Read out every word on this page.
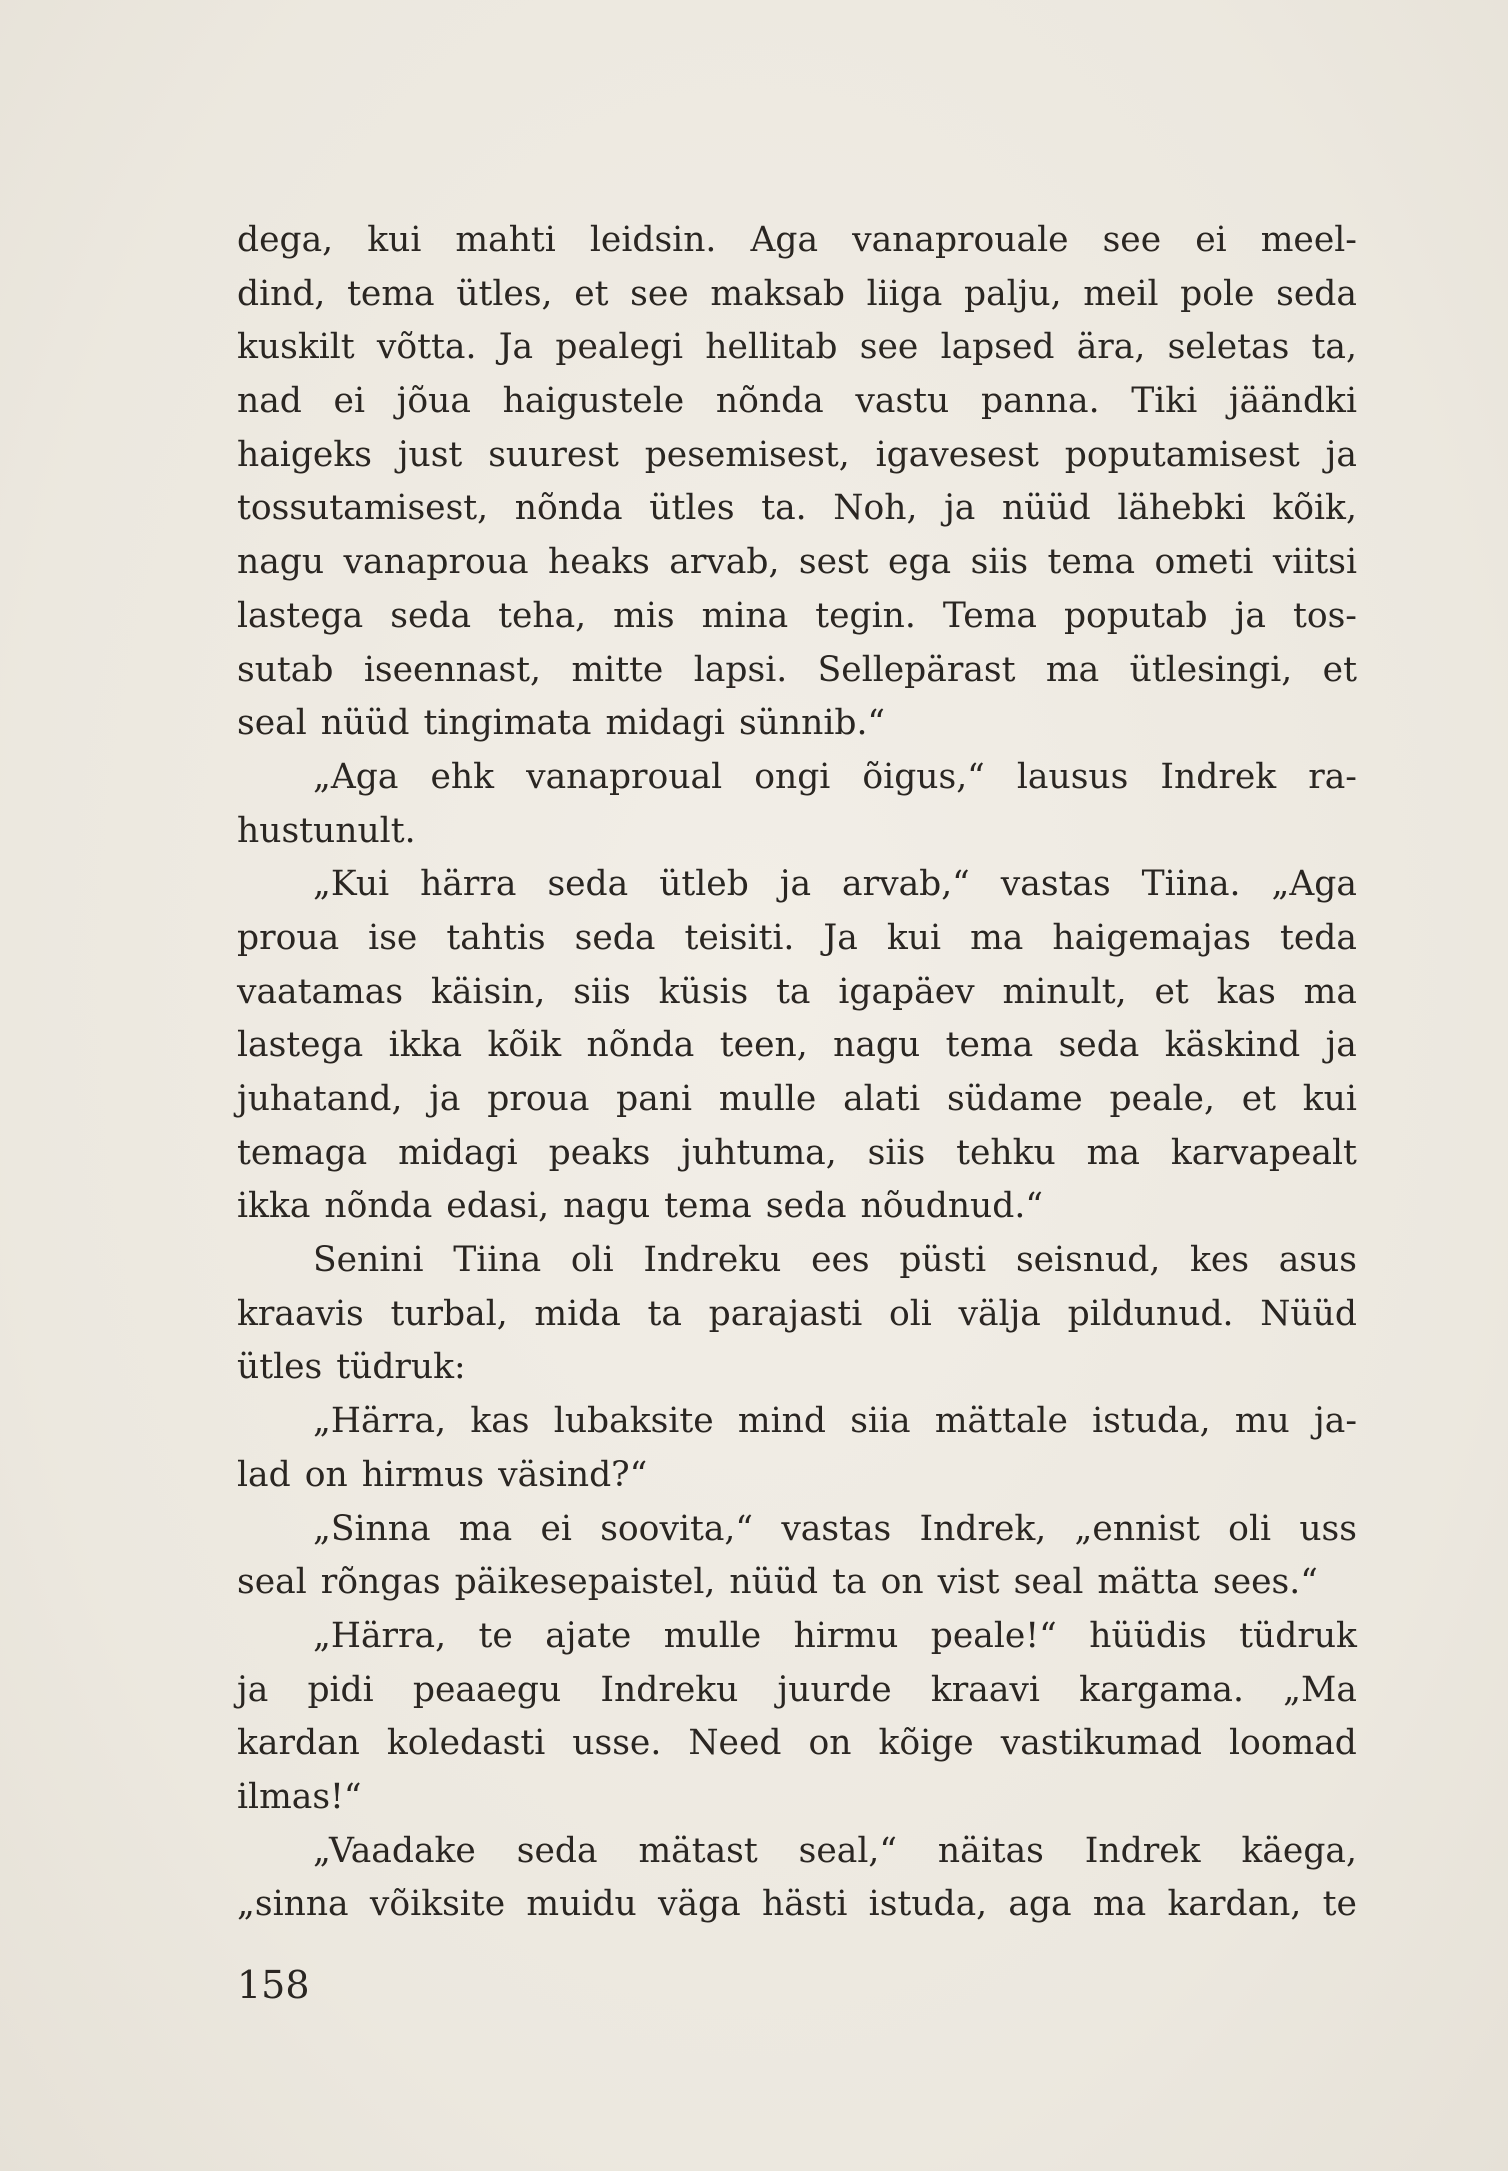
dega, kui mahti leidsin. Aga vanaprouale see ei meel-
dind, tema ütles, et see maksab liiga palju, meil pole seda
kuskilt võtta. Ja pealegi hellitab see lapsed ära, seletas ta,
nad ei jõua haigustele nõnda vastu panna. Tiki jäändki
haigeks just suurest pesemisest, igavesest poputamisest ja
tossutamisest, nõnda ütles ta. Noh, ja nüüd lähebki kõik,
nagu vanaproua heaks arvab, sest ega siis tema ometi viitsi
lastega seda teha, mis mina tegin. Tema poputab ja tos-
sutab iseennast, mitte lapsi. Sellepärast ma ütlesingi, et
seal nüüd tingimata midagi sünnib.“
„Aga ehk vanaproual ongi õigus,“ lausus Indrek ra-
hustunult.
„Kui härra seda ütleb ja arvab,“ vastas Tiina. „Aga
proua ise tahtis seda teisiti. Ja kui ma haigemajas teda
vaatamas käisin, siis küsis ta igapäev minult, et kas ma
lastega ikka kõik nõnda teen, nagu tema seda käskind ja
juhatand, ja proua pani mulle alati südame peale, et kui
temaga midagi peaks juhtuma, siis tehku ma karvapealt
ikka nõnda edasi, nagu tema seda nõudnud.“
Senini Tiina oli Indreku ees püsti seisnud, kes asus
kraavis turbal, mida ta parajasti oli välja pildunud. Nüüd
ütles tüdruk:
„Härra, kas lubaksite mind siia mättale istuda, mu ja-
lad on hirmus väsind?“
„Sinna ma ei soovita,“ vastas Indrek, „ennist oli uss
seal rõngas päikesepaistel, nüüd ta on vist seal mätta sees.“
„Härra, te ajate mulle hirmu peale!“ hüüdis tüdruk
ja pidi peaaegu Indreku juurde kraavi kargama. „Ma
kardan koledasti usse. Need on kõige vastikumad loomad
ilmas!“
„Vaadake seda mätast seal,“ näitas Indrek käega,
„sinna võiksite muidu väga hästi istuda, aga ma kardan, te
158
